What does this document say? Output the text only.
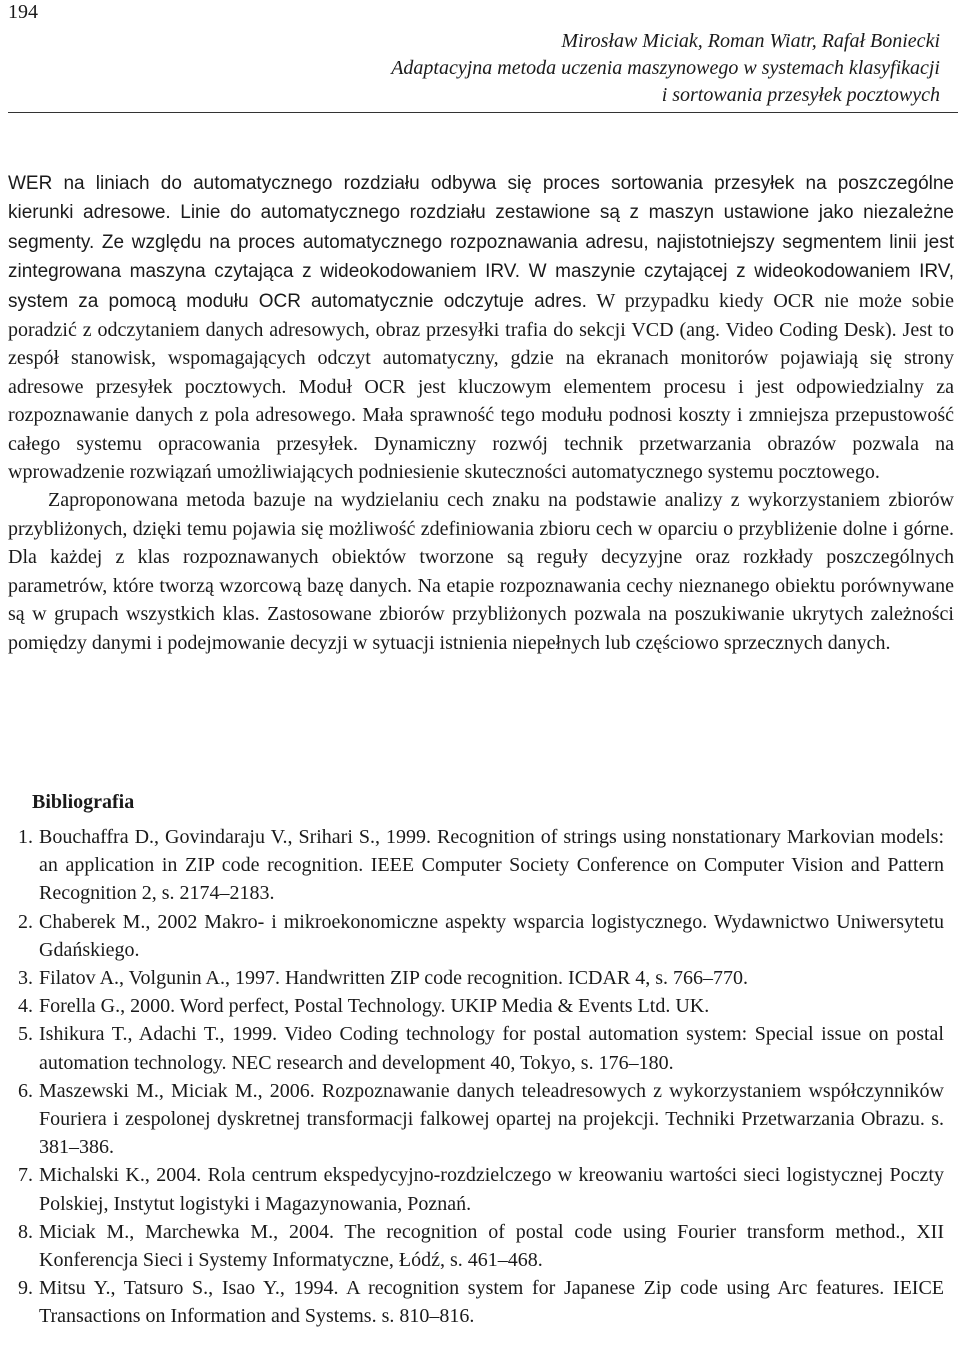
194
Mirosław Miciak, Roman Wiatr, Rafał Boniecki
Adaptacyjna metoda uczenia maszynowego w systemach klasyfikacji
i sortowania przesyłek pocztowych

WER na liniach do automatycznego rozdziału odbywa się proces sortowania przesyłek na poszczególne kierunki adresowe. Linie do automatycznego rozdziału zestawione są z maszyn ustawione jako niezależne segmenty. Ze względu na proces automatycznego rozpoznawania adresu, najistotniejszy segmentem linii jest zintegrowana maszyna czytająca z wideokodowaniem IRV. W maszynie czytającej z wideokodowaniem IRV, system za pomocą modułu OCR automatycznie odczytuje adres. W przypadku kiedy OCR nie może sobie poradzić z odczytaniem danych adresowych, obraz przesyłki trafia do sekcji VCD (ang. Video Coding Desk). Jest to zespół stanowisk, wspomagających odczyt automatyczny, gdzie na ekranach monitorów pojawiają się strony adresowe przesyłek pocztowych. Moduł OCR jest kluczowym elementem procesu i jest odpowiedzialny za rozpoznawanie danych z pola adresowego. Mała sprawność tego modułu podnosi koszty i zmniejsza przepustowość całego systemu opracowania przesyłek. Dynamiczny rozwój technik przetwarzania obrazów pozwala na wprowadzenie rozwiązań umożliwiających podniesienie skuteczności automatycznego systemu pocztowego.

Zaproponowana metoda bazuje na wydzielaniu cech znaku na podstawie analizy z wykorzystaniem zbiorów przybliżonych, dzięki temu pojawia się możliwość zdefiniowania zbioru cech w oparciu o przybliżenie dolne i górne. Dla każdej z klas rozpoznawanych obiektów tworzone są reguły decyzyjne oraz rozkłady poszczególnych parametrów, które tworzą wzorcową bazę danych. Na etapie rozpoznawania cechy nieznanego obiektu porównywane są w grupach wszystkich klas. Zastosowane zbiorów przybliżonych pozwala na poszukiwanie ukrytych zależności pomiędzy danymi i podejmowanie decyzji w sytuacji istnienia niepełnych lub częściowo sprzecznych danych.

Bibliografia
1. Bouchaffra D., Govindaraju V., Srihari S., 1999. Recognition of strings using nonstationary Markovian models: an application in ZIP code recognition. IEEE Computer Society Conference on Computer Vision and Pattern Recognition 2, s. 2174–2183.
2. Chaberek M., 2002 Makro- i mikroekonomiczne aspekty wsparcia logistycznego. Wydawnictwo Uniwersytetu Gdańskiego.
3. Filatov A., Volgunin A., 1997. Handwritten ZIP code recognition. ICDAR 4, s. 766–770.
4. Forella G., 2000. Word perfect, Postal Technology. UKIP Media & Events Ltd. UK.
5. Ishikura T., Adachi T., 1999. Video Coding technology for postal automation system: Special issue on postal automation technology. NEC research and development 40, Tokyo, s. 176–180.
6. Maszewski M., Miciak M., 2006. Rozpoznawanie danych teleadresowych z wykorzystaniem współczynników Fouriera i zespolonej dyskretnej transformacji falkowej opartej na projekcji. Techniki Przetwarzania Obrazu. s. 381–386.
7. Michalski K., 2004. Rola centrum ekspedycyjno-rozdzielczego w kreowaniu wartości sieci logistycznej Poczty Polskiej, Instytut logistyki i Magazynowania, Poznań.
8. Miciak M., Marchewka M., 2004. The recognition of postal code using Fourier transform method., XII Konferencja Sieci i Systemy Informatyczne, Łódź, s. 461–468.
9. Mitsu Y., Tatsuro S., Isao Y., 1994. A recognition system for Japanese Zip code using Arc features. IEICE Transactions on Information and Systems. s. 810–816.
